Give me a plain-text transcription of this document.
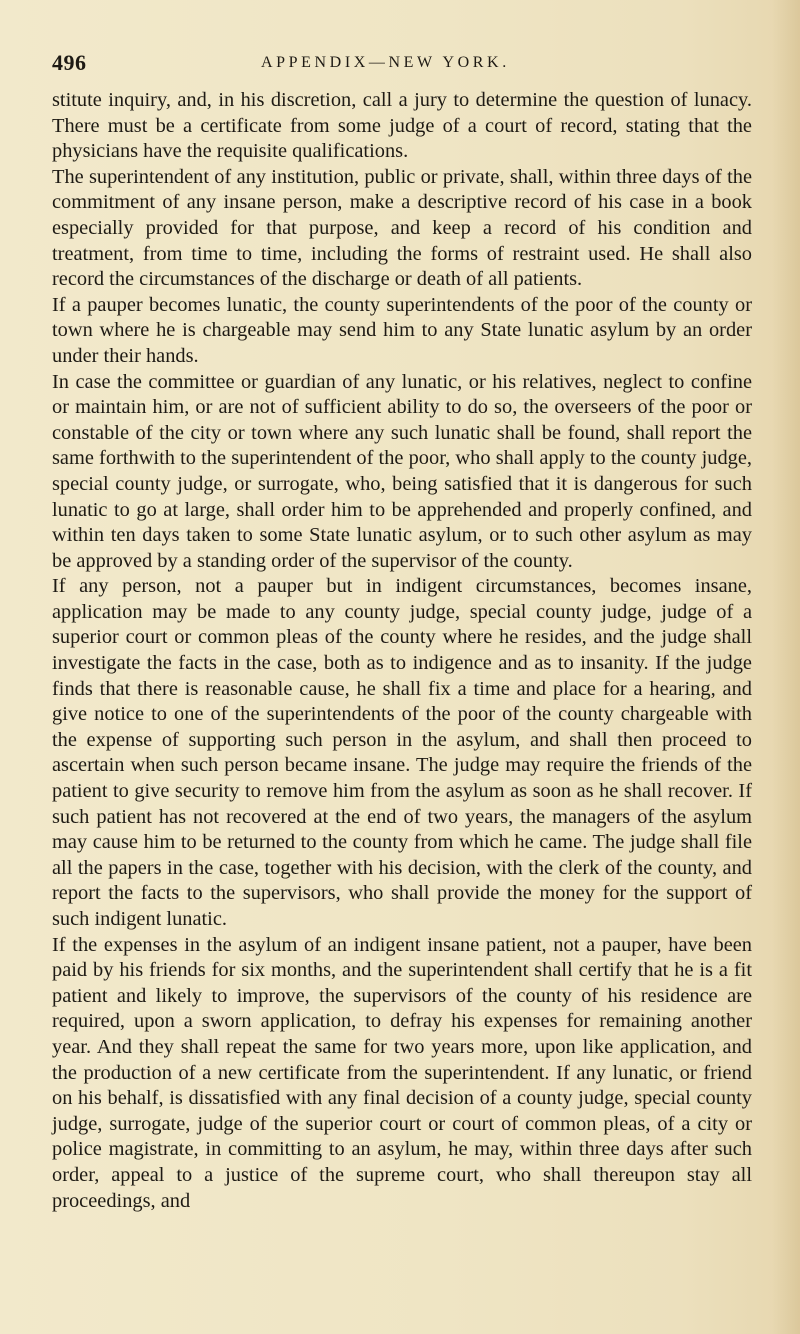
496	APPENDIX—NEW YORK.

stitute inquiry, and, in his discretion, call a jury to determine the question of lunacy. There must be a certificate from some judge of a court of record, stating that the physicians have the requisite qualifications.

The superintendent of any institution, public or private, shall, within three days of the commitment of any insane person, make a descriptive record of his case in a book especially provided for that purpose, and keep a record of his condition and treatment, from time to time, including the forms of restraint used. He shall also record the circumstances of the discharge or death of all patients.

If a pauper becomes lunatic, the county superintendents of the poor of the county or town where he is chargeable may send him to any State lunatic asylum by an order under their hands.

In case the committee or guardian of any lunatic, or his relatives, neglect to confine or maintain him, or are not of sufficient ability to do so, the overseers of the poor or constable of the city or town where any such lunatic shall be found, shall report the same forthwith to the superintendent of the poor, who shall apply to the county judge, special county judge, or surrogate, who, being satisfied that it is dangerous for such lunatic to go at large, shall order him to be apprehended and properly confined, and within ten days taken to some State lunatic asylum, or to such other asylum as may be approved by a standing order of the supervisor of the county.

If any person, not a pauper but in indigent circumstances, becomes insane, application may be made to any county judge, special county judge, judge of a superior court or common pleas of the county where he resides, and the judge shall investigate the facts in the case, both as to indigence and as to insanity. If the judge finds that there is reasonable cause, he shall fix a time and place for a hearing, and give notice to one of the superintendents of the poor of the county chargeable with the expense of supporting such person in the asylum, and shall then proceed to ascertain when such person became insane. The judge may require the friends of the patient to give security to remove him from the asylum as soon as he shall recover. If such patient has not recovered at the end of two years, the managers of the asylum may cause him to be returned to the county from which he came. The judge shall file all the papers in the case, together with his decision, with the clerk of the county, and report the facts to the supervisors, who shall provide the money for the support of such indigent lunatic.

If the expenses in the asylum of an indigent insane patient, not a pauper, have been paid by his friends for six months, and the superintendent shall certify that he is a fit patient and likely to improve, the supervisors of the county of his residence are required, upon a sworn application, to defray his expenses for remaining another year. And they shall repeat the same for two years more, upon like application, and the production of a new certificate from the superintendent. If any lunatic, or friend on his behalf, is dissatisfied with any final decision of a county judge, special county judge, surrogate, judge of the superior court or court of common pleas, of a city or police magistrate, in committing to an asylum, he may, within three days after such order, appeal to a justice of the supreme court, who shall thereupon stay all proceedings, and
